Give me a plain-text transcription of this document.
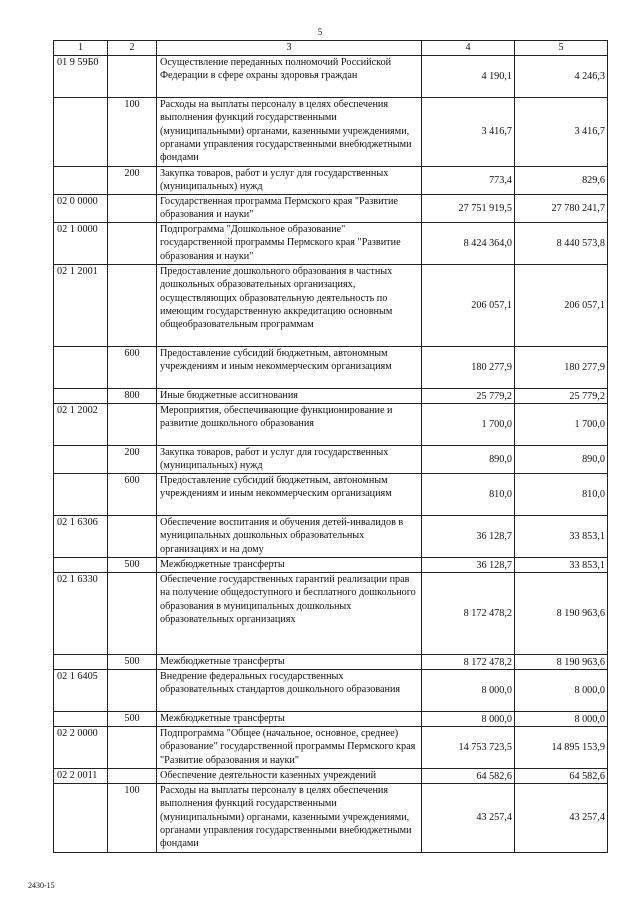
5
1	2	3	4	5
01 9 59Б0		Осуществление переданных полномочий Российской Федерации в сфере охраны здоровья граждан	4 190,1	4 246,3
	100	Расходы на выплаты персоналу в целях обеспечения выполнения функций государственными (муниципальными) органами, казенными учреждениями, органами управления государственными внебюджетными фондами	3 416,7	3 416,7
	200	Закупка товаров, работ и услуг для государственных (муниципальных) нужд	773,4	829,6
02 0 0000		Государственная программа Пермского края "Развитие образования и науки"	27 751 919,5	27 780 241,7
02 1 0000		Подпрограмма "Дошкольное образование" государственной программы Пермского края "Развитие образования и науки"	8 424 364,0	8 440 573,8
02 1 2001		Предоставление дошкольного образования в частных дошкольных образовательных организациях, осуществляющих образовательную деятельность по имеющим государственную аккредитацию основным общеобразовательным программам	206 057,1	206 057,1
	600	Предоставление субсидий бюджетным, автономным учреждениям и иным некоммерческим организациям	180 277,9	180 277,9
	800	Иные бюджетные ассигнования	25 779,2	25 779,2
02 1 2002		Мероприятия, обеспечивающие функционирование и развитие дошкольного образования	1 700,0	1 700,0
	200	Закупка товаров, работ и услуг для государственных (муниципальных) нужд	890,0	890,0
	600	Предоставление субсидий бюджетным, автономным учреждениям и иным некоммерческим организациям	810,0	810,0
02 1 6306		Обеспечение воспитания и обучения детей-инвалидов в муниципальных дошкольных образовательных организациях и на дому	36 128,7	33 853,1
	500	Межбюджетные трансферты	36 128,7	33 853,1
02 1 6330		Обеспечение государственных гарантий реализации прав на получение общедоступного и бесплатного дошкольного образования в муниципальных дошкольных образовательных организациях	8 172 478,2	8 190 963,6
	500	Межбюджетные трансферты	8 172 478,2	8 190 963,6
02 1 6405		Внедрение федеральных государственных образовательных стандартов дошкольного образования	8 000,0	8 000,0
	500	Межбюджетные трансферты	8 000,0	8 000,0
02 2 0000		Подпрограмма "Общее (начальное, основное, среднее) образование" государственной программы Пермского края "Развитие образования и науки"	14 753 723,5	14 895 153,9
02 2 0011		Обеспечение деятельности казенных учреждений	64 582,6	64 582,6
	100	Расходы на выплаты персоналу в целях обеспечения выполнения функций государственными (муниципальными) органами, казенными учреждениями, органами управления государственными внебюджетными фондами	43 257,4	43 257,4
2430-15
